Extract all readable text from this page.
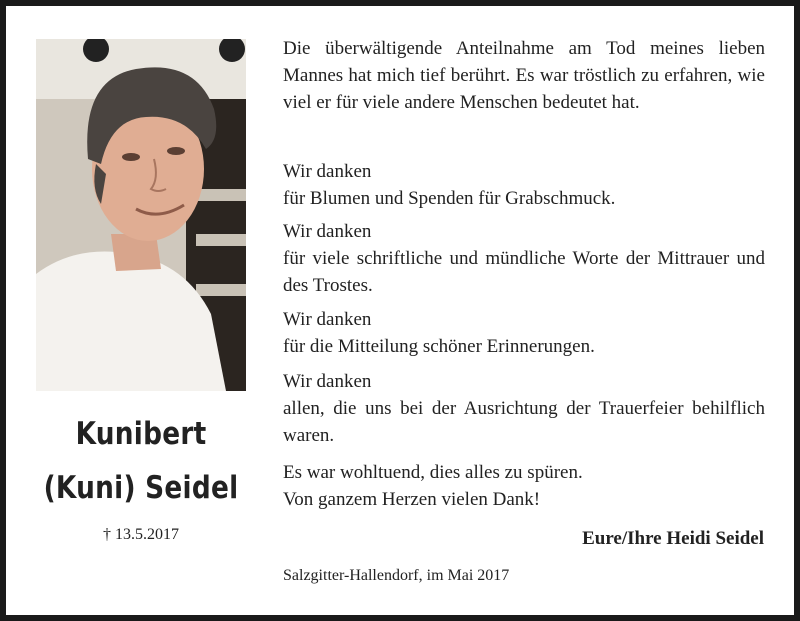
Kunibert
(Kuni) Seidel
† 13.5.2017
Die überwältigende Anteilnahme am Tod meines lieben Mannes hat mich tief berührt. Es war tröstlich zu erfahren, wie viel er für viele andere Menschen bedeutet hat.
Wir danken
für Blumen und Spenden für Grabschmuck.
Wir danken
für viele schriftliche und mündliche Worte der Mittrauer und des Trostes.
Wir danken
für die Mitteilung schöner Erinnerungen.
Wir danken
allen, die uns bei der Ausrichtung der Trauerfeier behilflich waren.
Es war wohltuend, dies alles zu spüren.
Von ganzem Herzen vielen Dank!
Eure/Ihre Heidi Seidel
Salzgitter-Hallendorf, im Mai 2017
